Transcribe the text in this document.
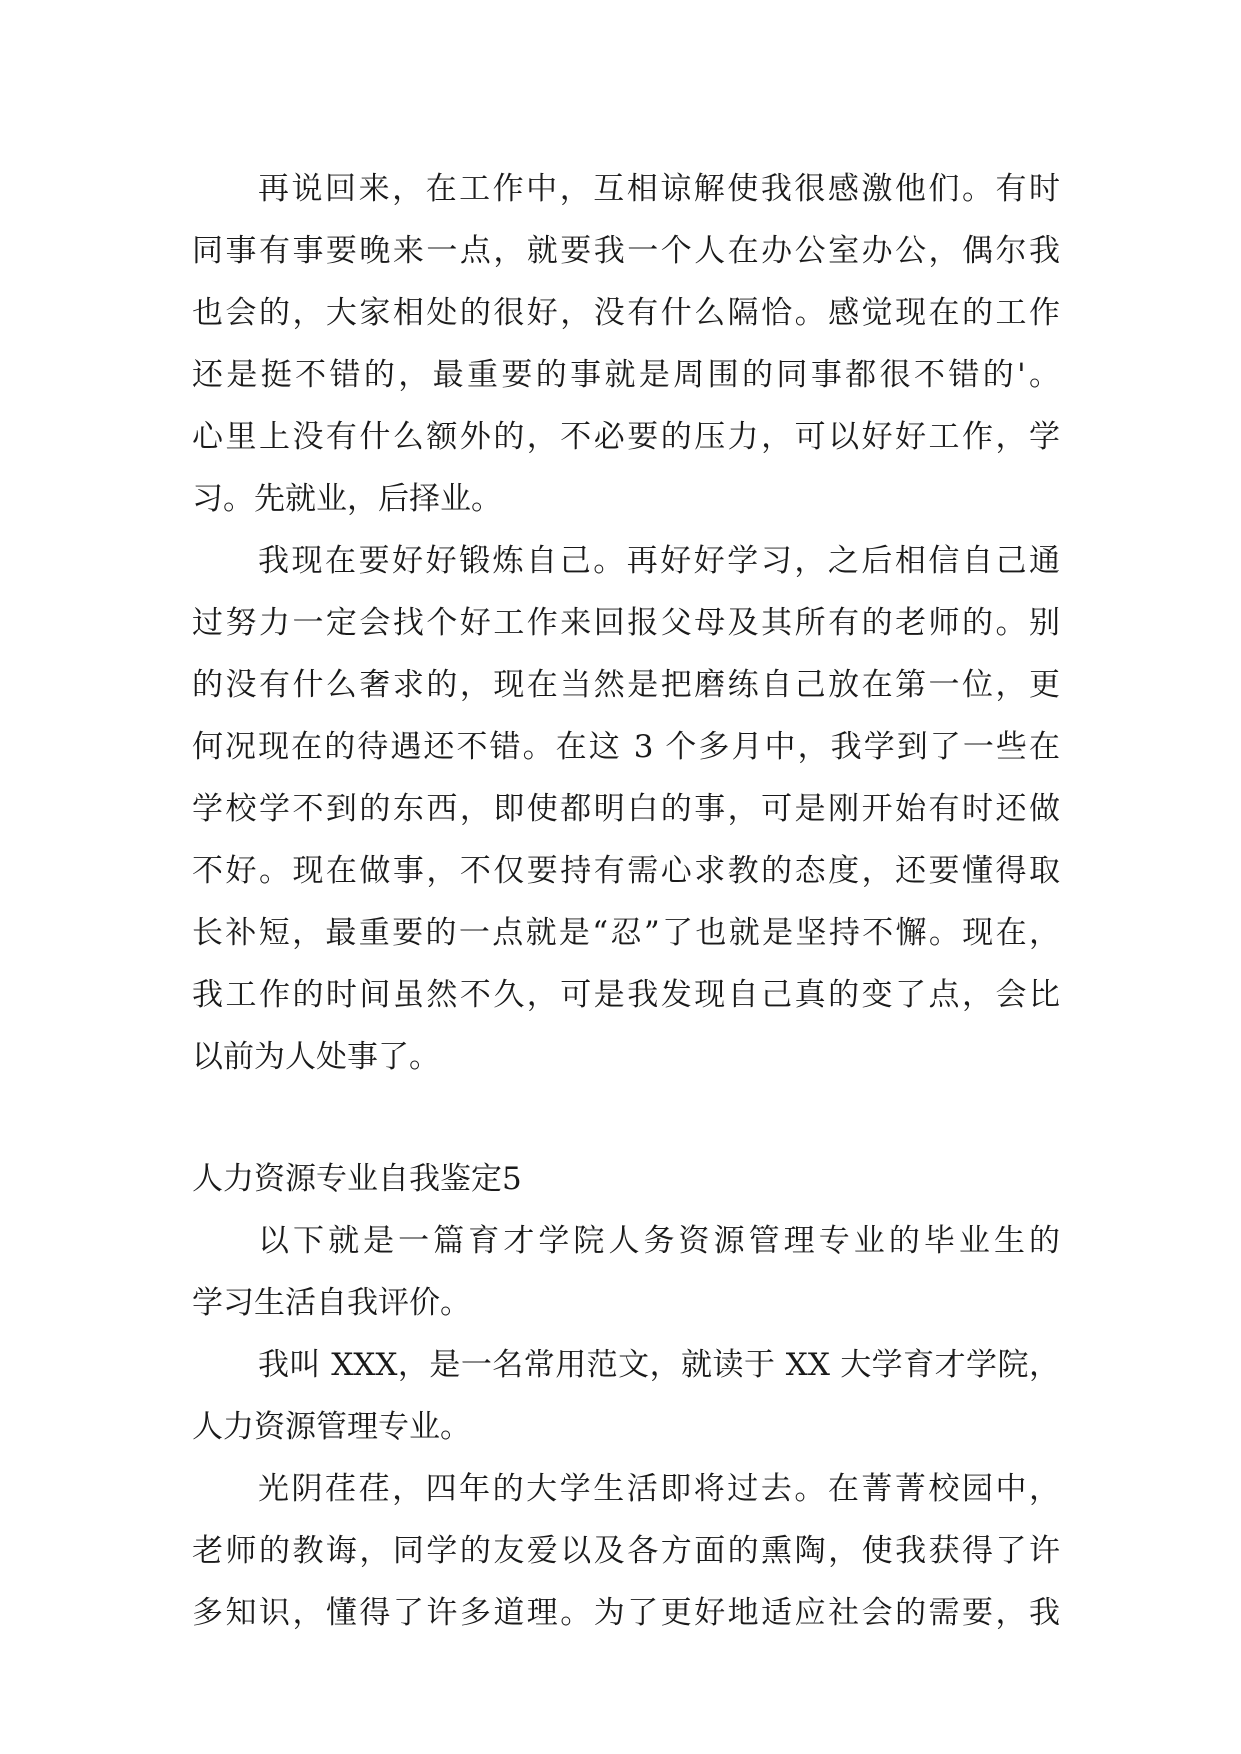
再说回来，在工作中，互相谅解使我很感激他们。有时
同事有事要晚来一点，就要我一个人在办公室办公，偶尔我
也会的，大家相处的很好，没有什么隔恰。感觉现在的工作
还是挺不错的，最重要的事就是周围的同事都很不错的'。
心里上没有什么额外的，不必要的压力，可以好好工作，学
习。先就业，后择业。
我现在要好好锻炼自己。再好好学习，之后相信自己通
过努力一定会找个好工作来回报父母及其所有的老师的。别
的没有什么奢求的，现在当然是把磨练自己放在第一位，更
何况现在的待遇还不错。在这 3 个多月中，我学到了一些在
学校学不到的东西，即使都明白的事，可是刚开始有时还做
不好。现在做事，不仅要持有需心求教的态度，还要懂得取
长补短，最重要的一点就是“忍”了也就是坚持不懈。现在，
我工作的时间虽然不久，可是我发现自己真的变了点，会比
以前为人处事了。
人力资源专业自我鉴定5
以下就是一篇育才学院人务资源管理专业的毕业生的
学习生活自我评价。
我叫 XXX，是一名常用范文，就读于 XX 大学育才学院，
人力资源管理专业。
光阴荏荏，四年的大学生活即将过去。在菁菁校园中，
老师的教诲，同学的友爱以及各方面的熏陶，使我获得了许
多知识，懂得了许多道理。为了更好地适应社会的需要，我
